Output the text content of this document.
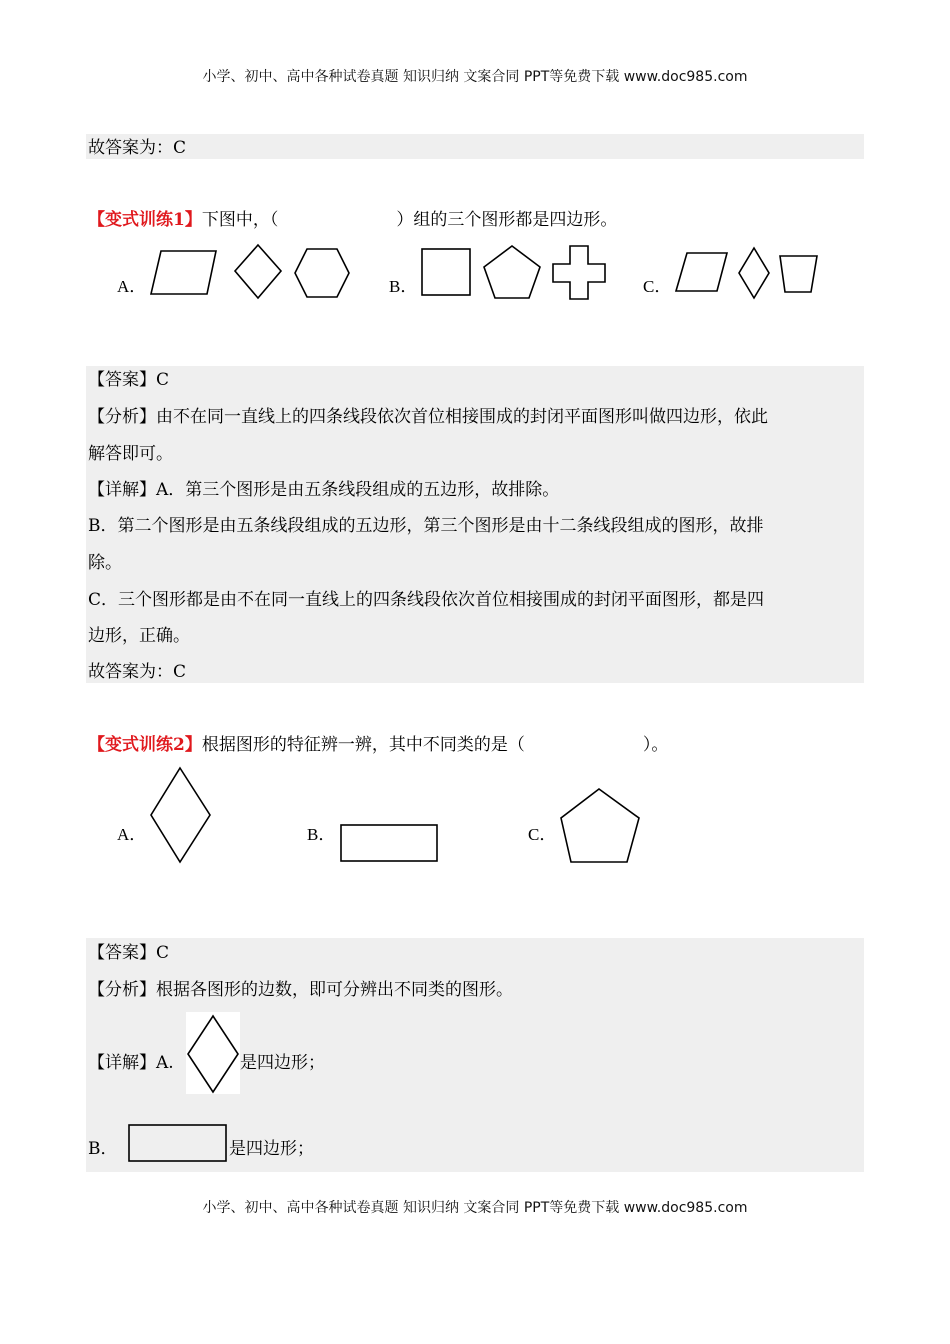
小学、初中、高中各种试卷真题 知识归纳 文案合同 PPT等免费下载 www.doc985.com
故答案为：C
【变式训练1】下图中，（	）组的三个图形都是四边形。
A．	B．	C．
【答案】C
【分析】由不在同一直线上的四条线段依次首位相接围成的封闭平面图形叫做四边形，依此
解答即可。
【详解】A．第三个图形是由五条线段组成的五边形，故排除。
B．第二个图形是由五条线段组成的五边形，第三个图形是由十二条线段组成的图形，故排
除。
C．三个图形都是由不在同一直线上的四条线段依次首位相接围成的封闭平面图形，都是四
边形，正确。
故答案为：C
【变式训练2】根据图形的特征辨一辨，其中不同类的是（	）。
A．	B．	C．
【答案】C
【分析】根据各图形的边数，即可分辨出不同类的图形。
【详解】A.	是四边形；
B．	是四边形；
小学、初中、高中各种试卷真题 知识归纳 文案合同 PPT等免费下载 www.doc985.com
